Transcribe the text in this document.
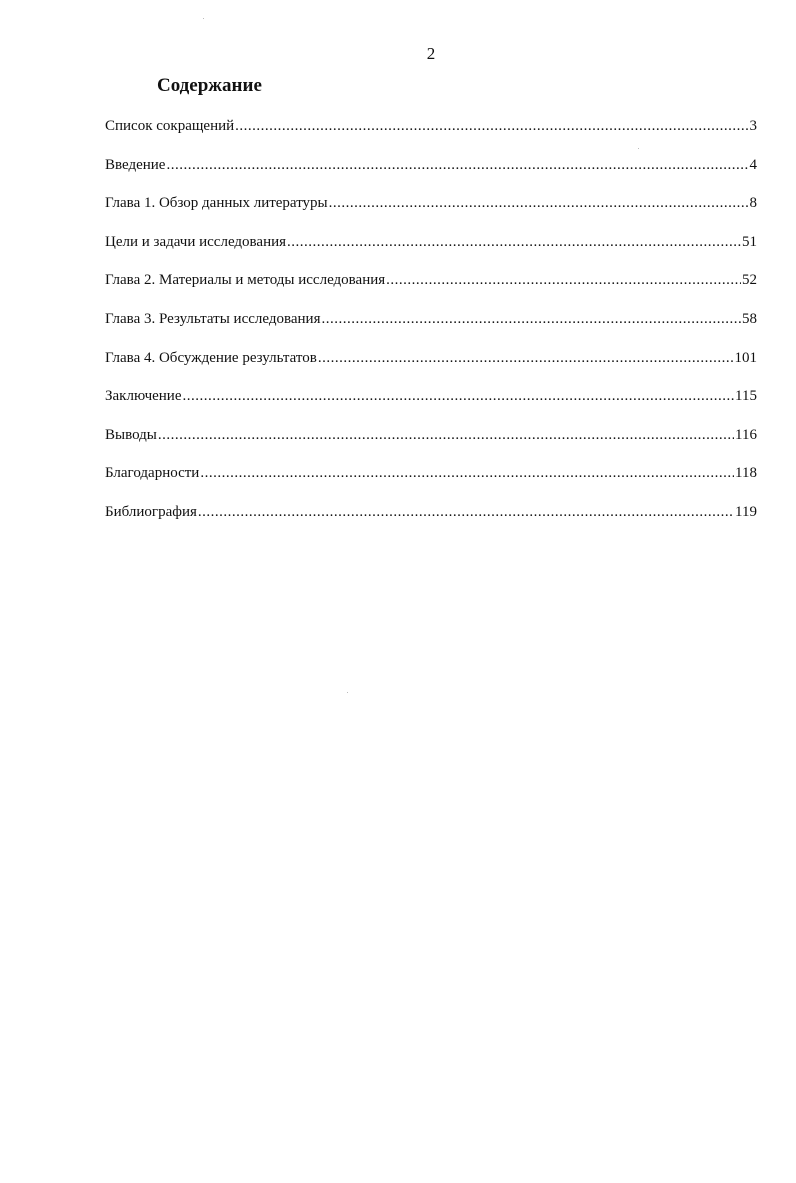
2
Содержание
Список сокращений .....	3
Введение .....	4
Глава 1. Обзор данных литературы .....	8
Цели и задачи исследования .....	51
Глава 2. Материалы и методы исследования .....	52
Глава 3. Результаты исследования .....	58
Глава 4. Обсуждение результатов .....	101
Заключение .....	115
Выводы .....	116
Благодарности .....	118
Библиография .....	119
